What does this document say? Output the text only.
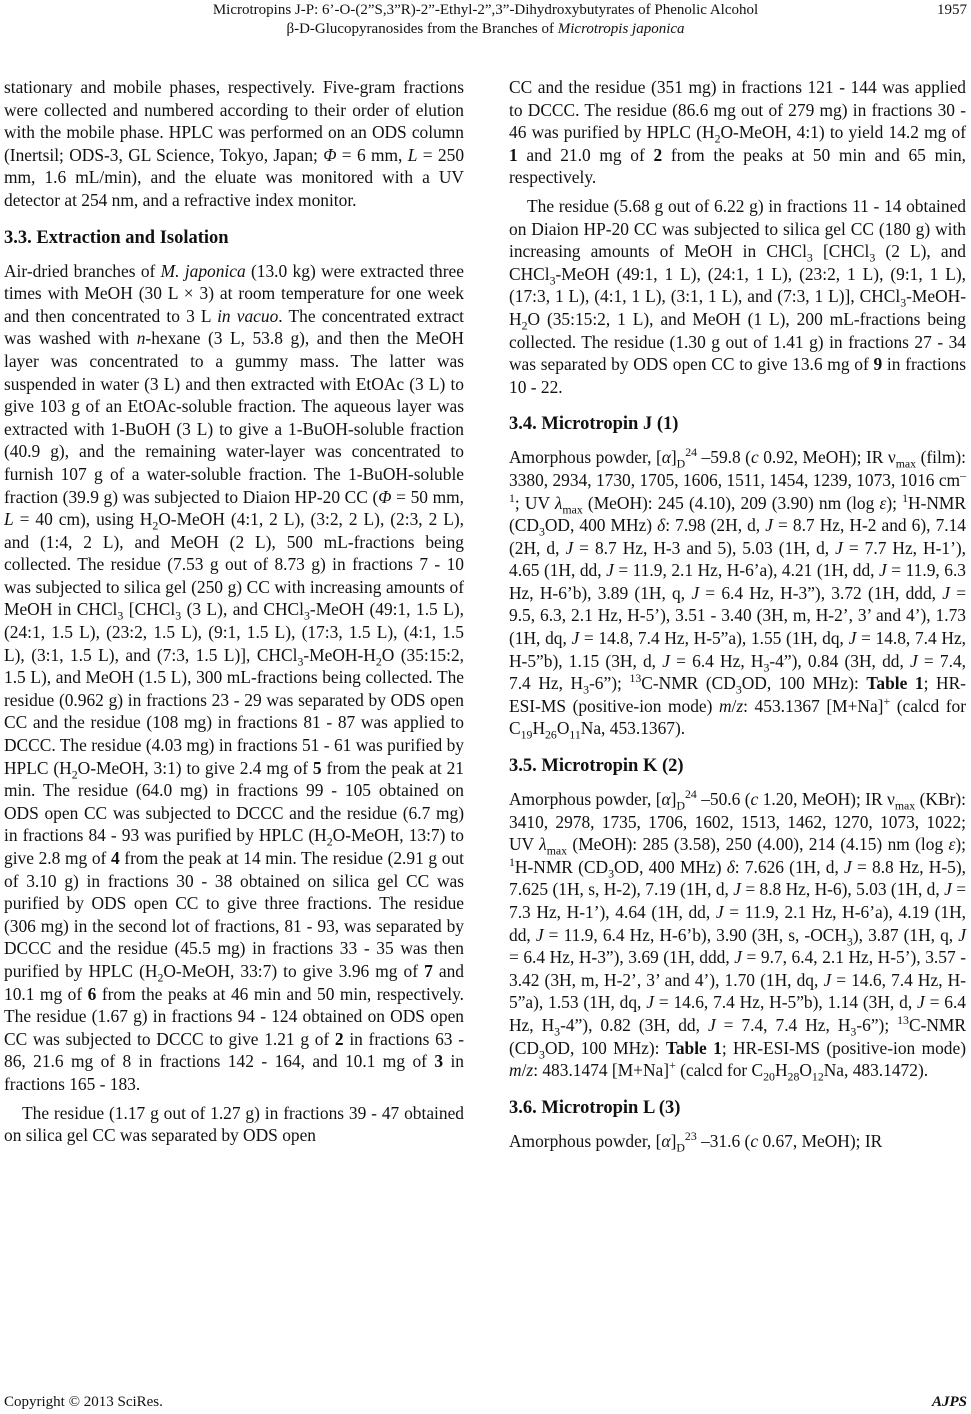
Microtropins J-P: 6’-O-(2”S,3”R)-2”-Ethyl-2”,3”-Dihydroxybutyrates of Phenolic Alcohol
β-D-Glucopyranosides from the Branches of Microtropis japonica
1957

stationary and mobile phases, respectively. Five-gram fractions were collected and numbered according to their order of elution with the mobile phase. HPLC was performed on an ODS column (Inertsil; ODS-3, GL Science, Tokyo, Japan; Φ = 6 mm, L = 250 mm, 1.6 mL/min), and the eluate was monitored with a UV detector at 254 nm, and a refractive index monitor.

3.3. Extraction and Isolation

Air-dried branches of M. japonica (13.0 kg) were extracted three times with MeOH (30 L × 3) at room temperature for one week and then concentrated to 3 L in vacuo. The concentrated extract was washed with n-hexane (3 L, 53.8 g), and then the MeOH layer was concentrated to a gummy mass. The latter was suspended in water (3 L) and then extracted with EtOAc (3 L) to give 103 g of an EtOAc-soluble fraction. The aqueous layer was extracted with 1-BuOH (3 L) to give a 1-BuOH-soluble fraction (40.9 g), and the remaining water-layer was concentrated to furnish 107 g of a water-soluble fraction. The 1-BuOH-soluble fraction (39.9 g) was subjected to Diaion HP-20 CC (Φ = 50 mm, L = 40 cm), using $H_2O$-MeOH (4:1, 2 L), (3:2, 2 L), (2:3, 2 L), and (1:4, 2 L), and MeOH (2 L), 500 mL-fractions being collected. The residue (7.53 g out of 8.73 g) in fractions 7 - 10 was subjected to silica gel (250 g) CC with increasing amounts of MeOH in CHCl$_3$ [CHCl$_3$ (3 L), and CHCl$_3$-MeOH (49:1, 1.5 L), (24:1, 1.5 L), (23:2, 1.5 L), (9:1, 1.5 L), (17:3, 1.5 L), (4:1, 1.5 L), (3:1, 1.5 L), and (7:3, 1.5 L)], $CHCl_3-MeOH-H_2O$ (35:15:2, 1.5 L), and MeOH (1.5 L), 300 mL-fractions being collected. The residue (0.962 g) in fractions 23 - 29 was separated by ODS open CC and the residue (108 mg) in fractions 81 - 87 was applied to DCCC. The residue (4.03 mg) in fractions 51 - 61 was purified by HPLC ($H_2O$-MeOH, 3:1) to give 2.4 mg of 5 from the peak at 21 min. The residue (64.0 mg) in fractions 99 - 105 obtained on ODS open CC was subjected to DCCC and the residue (6.7 mg) in fractions 84 - 93 was purified by HPLC ($H_2O$-MeOH, 13:7) to give 2.8 mg of 4 from the peak at 14 min. The residue (2.91 g out of 3.10 g) in fractions 30 - 38 obtained on silica gel CC was purified by ODS open CC to give three fractions. The residue (306 mg) in the second lot of fractions, 81 - 93, was separated by DCCC and the residue (45.5 mg) in fractions 33 - 35 was then purified by HPLC ($H_2O$-MeOH, 33:7) to give 3.96 mg of 7 and 10.1 mg of 6 from the peaks at 46 min and 50 min, respectively. The residue (1.67 g) in fractions 94 - 124 obtained on ODS open CC was subjected to DCCC to give 1.21 g of 2 in fractions 63 - 86, 21.6 mg of 8 in fractions 142 - 164, and 10.1 mg of 3 in fractions 165 - 183.

The residue (1.17 g out of 1.27 g) in fractions 39 - 47 obtained on silica gel CC was separated by ODS open

CC and the residue (351 mg) in fractions 121 - 144 was applied to DCCC. The residue (86.6 mg out of 279 mg) in fractions 30 - 46 was purified by HPLC ($H_2O$-MeOH, 4:1) to yield 14.2 mg of 1 and 21.0 mg of 2 from the peaks at 50 min and 65 min, respectively.

The residue (5.68 g out of 6.22 g) in fractions 11 - 14 obtained on Diaion HP-20 CC was subjected to silica gel CC (180 g) with increasing amounts of MeOH in CHCl$_3$ [CHCl$_3$ (2 L), and CHCl$_3$-MeOH (49:1, 1 L), (24:1, 1 L), (23:2, 1 L), (9:1, 1 L), (17:3, 1 L), (4:1, 1 L), (3:1, 1 L), and (7:3, 1 L)], $CHCl_3-MeOH-H_2O$ (35:15:2, 1 L), and MeOH (1 L), 200 mL-fractions being collected. The residue (1.30 g out of 1.41 g) in fractions 27 - 34 was separated by ODS open CC to give 13.6 mg of 9 in fractions 10 - 22.

3.4. Microtropin J (1)

Amorphous powder, $[\alpha]_D^{24}$ –59.8 (c 0.92, MeOH); IR $\nu_{max}$ (film): 3380, 2934, 1730, 1705, 1606, 1511, 1454, 1239, 1073, 1016 $cm^{-1}$; UV $\lambda_{max}$ (MeOH): 245 (4.10), 209 (3.90) nm (log ε); $^1$H-NMR ($CD_3OD$, 400 MHz) δ: 7.98 (2H, d, J = 8.7 Hz, H-2 and 6), 7.14 (2H, d, J = 8.7 Hz, H-3 and 5), 5.03 (1H, d, J = 7.7 Hz, H-1’), 4.65 (1H, dd, J = 11.9, 2.1 Hz, H-6’a), 4.21 (1H, dd, J = 11.9, 6.3 Hz, H-6’b), 3.89 (1H, q, J = 6.4 Hz, H-3”), 3.72 (1H, ddd, J = 9.5, 6.3, 2.1 Hz, H-5’), 3.51 - 3.40 (3H, m, H-2’, 3’ and 4’), 1.73 (1H, dq, J = 14.8, 7.4 Hz, H-5”a), 1.55 (1H, dq, J = 14.8, 7.4 Hz, H-5”b), 1.15 (3H, d, J = 6.4 Hz, $H_3-4$”), 0.84 (3H, dd, J = 7.4, 7.4 Hz, $H_3-6$”); $^{13}$C-NMR ($CD_3OD$, 100 MHz): Table 1; HR-ESI-MS (positive-ion mode) m/z: 453.1367 [M+Na]+ (calcd for $C_{19}H_{26}O_{11}Na$, 453.1367).

3.5. Microtropin K (2)

Amorphous powder, $[\alpha]_D^{24}$ –50.6 (c 1.20, MeOH); IR $\nu_{max}$ (KBr): 3410, 2978, 1735, 1706, 1602, 1513, 1462, 1270, 1073, 1022; UV $\lambda_{max}$ (MeOH): 285 (3.58), 250 (4.00), 214 (4.15) nm (log ε); $^1$H-NMR ($CD_3OD$, 400 MHz) δ: 7.626 (1H, d, J = 8.8 Hz, H-5), 7.625 (1H, s, H-2), 7.19 (1H, d, J = 8.8 Hz, H-6), 5.03 (1H, d, J = 7.3 Hz, H-1’), 4.64 (1H, dd, J = 11.9, 2.1 Hz, H-6’a), 4.19 (1H, dd, J = 11.9, 6.4 Hz, H-6’b), 3.90 (3H, s, $-OCH_3$), 3.87 (1H, q, J = 6.4 Hz, H-3”), 3.69 (1H, ddd, J = 9.7, 6.4, 2.1 Hz, H-5’), 3.57 - 3.42 (3H, m, H-2’, 3’ and 4’), 1.70 (1H, dq, J = 14.6, 7.4 Hz, H-5”a), 1.53 (1H, dq, J = 14.6, 7.4 Hz, H-5”b), 1.14 (3H, d, J = 6.4 Hz, $H_3-4$”), 0.82 (3H, dd, J = 7.4, 7.4 Hz, $H_3-6$”); $^{13}$C-NMR ($CD_3OD$, 100 MHz): Table 1; HR-ESI-MS (positive-ion mode) m/z: 483.1474 [M+Na]+ (calcd for $C_{20}H_{28}O_{12}Na$, 483.1472).

3.6. Microtropin L (3)

Amorphous powder, $[\alpha]_D^{23}$ –31.6 (c 0.67, MeOH); IR

Copyright © 2013 SciRes.	AJPS
